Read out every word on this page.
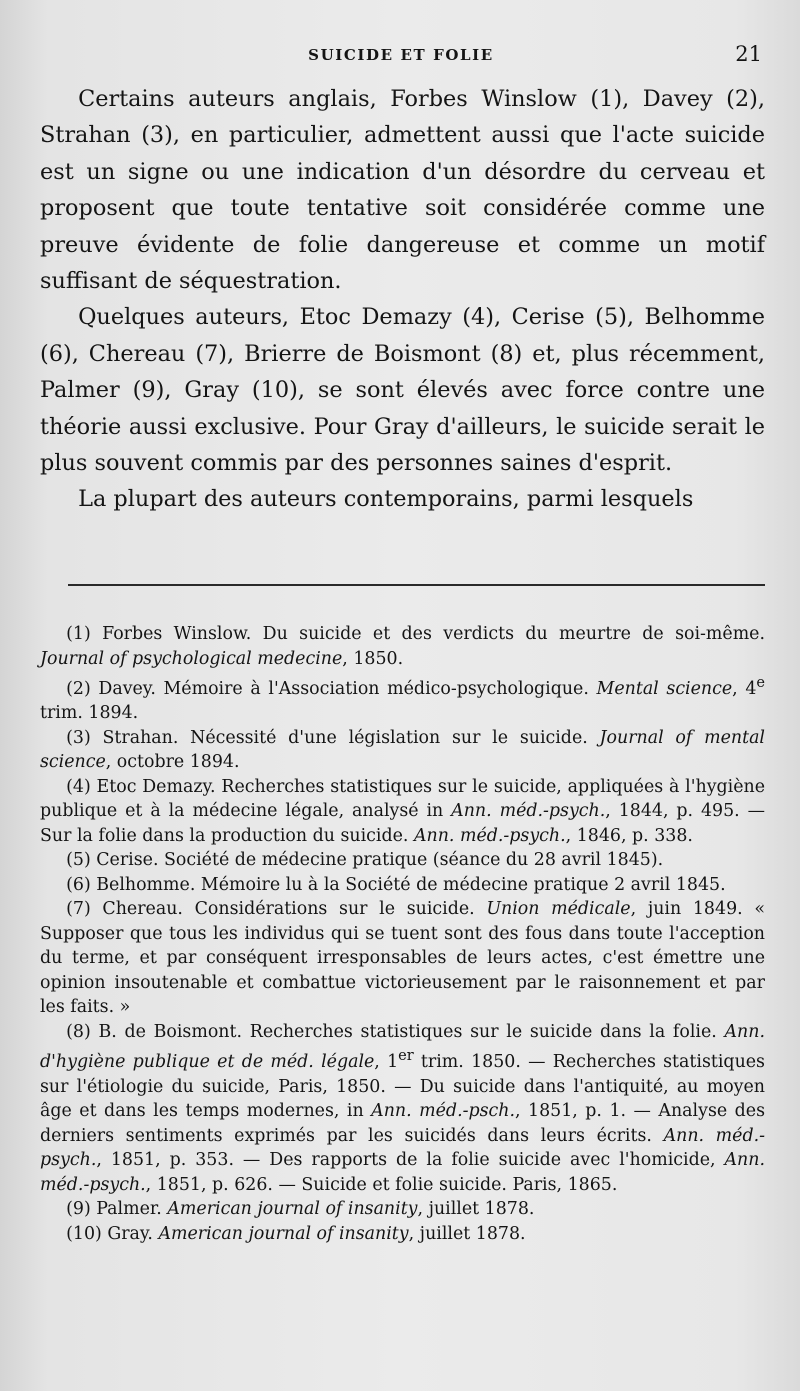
SUICIDE ET FOLIE	21

Certains auteurs anglais, Forbes Winslow (1), Davey (2), Strahan (3), en particulier, admettent aussi que l'acte suicide est un signe ou une indication d'un désordre du cerveau et proposent que toute tentative soit considérée comme une preuve évidente de folie dangereuse et comme un motif suffisant de séquestration.

Quelques auteurs, Etoc Demazy (4), Cerise (5), Belhomme (6), Chereau (7), Brierre de Boismont (8) et, plus récemment, Palmer (9), Gray (10), se sont élevés avec force contre une théorie aussi exclusive. Pour Gray d'ailleurs, le suicide serait le plus souvent commis par des personnes saines d'esprit.

La plupart des auteurs contemporains, parmi lesquels

(1) Forbes Winslow. Du suicide et des verdicts du meurtre de soi-même. Journal of psychological medecine, 1850.

(2) Davey. Mémoire à l'Association médico-psychologique. Mental science, 4e trim. 1894.

(3) Strahan. Nécessité d'une législation sur le suicide. Journal of mental science, octobre 1894.

(4) Etoc Demazy. Recherches statistiques sur le suicide, appliquées à l'hygiène publique et à la médecine légale, analysé in Ann. méd.-psych., 1844, p. 495. — Sur la folie dans la production du suicide. Ann. méd.-psych., 1846, p. 338.

(5) Cerise. Société de médecine pratique (séance du 28 avril 1845).

(6) Belhomme. Mémoire lu à la Société de médecine pratique 2 avril 1845.

(7) Chereau. Considérations sur le suicide. Union médicale, juin 1849. « Supposer que tous les individus qui se tuent sont des fous dans toute l'acception du terme, et par conséquent irresponsables de leurs actes, c'est émettre une opinion insoutenable et combattue victorieusement par le raisonnement et par les faits. »

(8) B. de Boismont. Recherches statistiques sur le suicide dans la folie. Ann. d'hygiène publique et de méd. légale, 1er trim. 1850. — Recherches statistiques sur l'étiologie du suicide, Paris, 1850. — Du suicide dans l'antiquité, au moyen âge et dans les temps modernes, in Ann. méd.-psch., 1851, p. 1. — Analyse des derniers sentiments exprimés par les suicidés dans leurs écrits. Ann. méd.-psych., 1851, p. 353. — Des rapports de la folie suicide avec l'homicide, Ann. méd.-psych., 1851, p. 626. — Suicide et folie suicide. Paris, 1865.

(9) Palmer. American journal of insanity, juillet 1878.

(10) Gray. American journal of insanity, juillet 1878.
